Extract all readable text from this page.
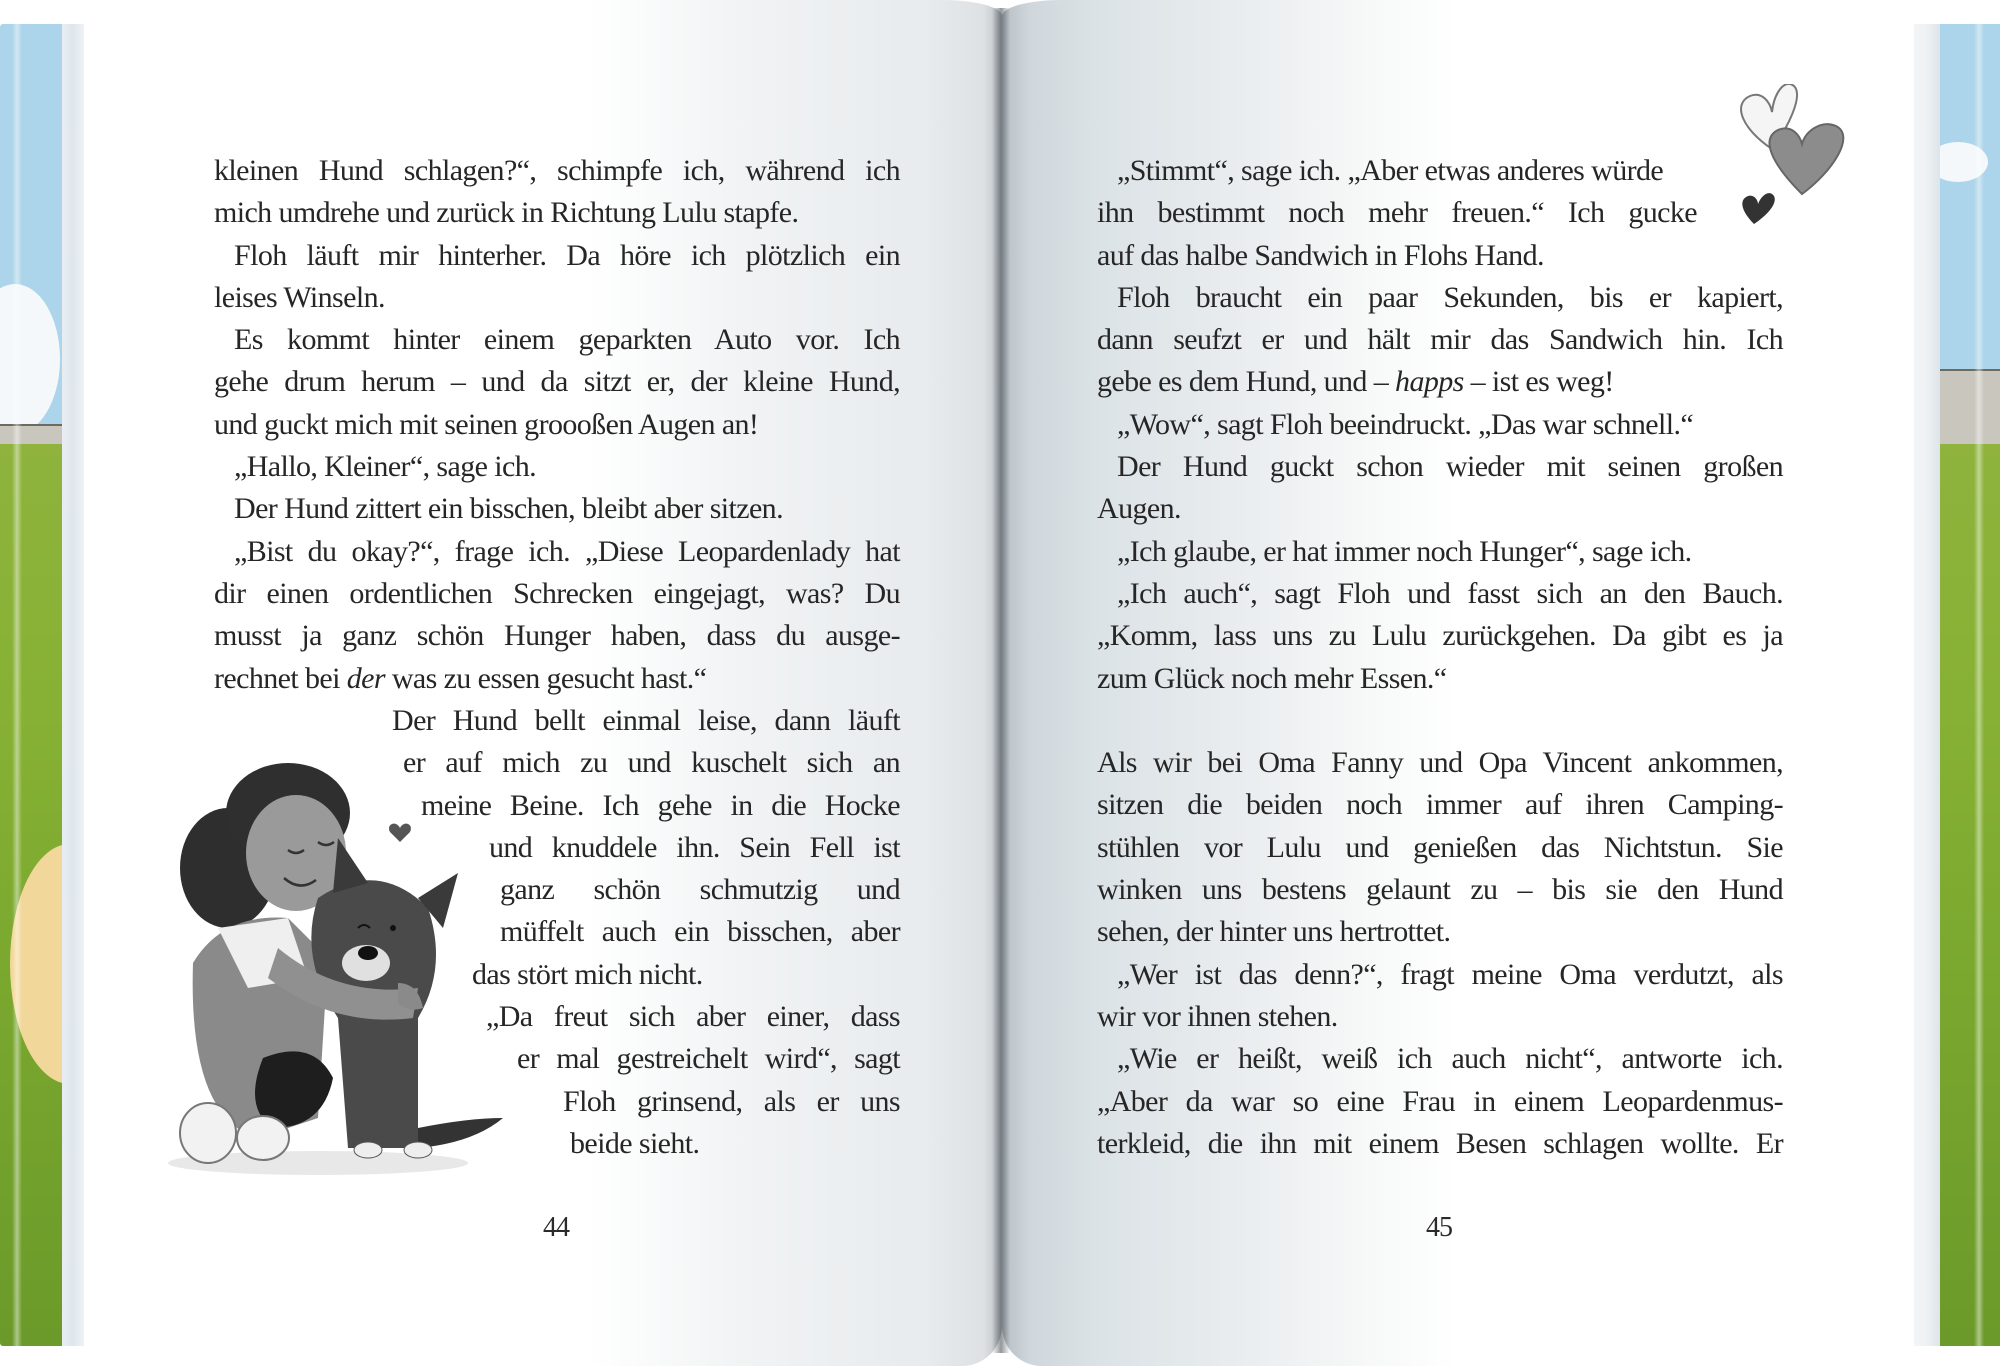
kleinen Hund schlagen?“, schimpfe ich, während ich
mich umdrehe und zurück in Richtung Lulu stapfe.
Floh läuft mir hinterher. Da höre ich plötzlich ein
leises Winseln.
Es kommt hinter einem geparkten Auto vor. Ich
gehe drum herum – und da sitzt er, der kleine Hund,
und guckt mich mit seinen groooßen Augen an!
„Hallo, Kleiner“, sage ich.
Der Hund zittert ein bisschen, bleibt aber sitzen.
„Bist du okay?“, frage ich. „Diese Leopardenlady hat
dir einen ordentlichen Schrecken eingejagt, was? Du
musst ja ganz schön Hunger haben, dass du ausge-
rechnet bei der was zu essen gesucht hast.“
Der Hund bellt einmal leise, dann läuft
er auf mich zu und kuschelt sich an
meine Beine. Ich gehe in die Hocke
und knuddele ihn. Sein Fell ist
ganz schön schmutzig und
müffelt auch ein bisschen, aber
das stört mich nicht.
„Da freut sich aber einer, dass
er mal gestreichelt wird“, sagt
Floh grinsend, als er uns
beide sieht.
44
„Stimmt“, sage ich. „Aber etwas anderes würde
ihn bestimmt noch mehr freuen.“ Ich gucke
auf das halbe Sandwich in Flohs Hand.
Floh braucht ein paar Sekunden, bis er kapiert,
dann seufzt er und hält mir das Sandwich hin. Ich
gebe es dem Hund, und – happs – ist es weg!
„Wow“, sagt Floh beeindruckt. „Das war schnell.“
Der Hund guckt schon wieder mit seinen großen
Augen.
„Ich glaube, er hat immer noch Hunger“, sage ich.
„Ich auch“, sagt Floh und fasst sich an den Bauch.
„Komm, lass uns zu Lulu zurückgehen. Da gibt es ja
zum Glück noch mehr Essen.“
Als wir bei Oma Fanny und Opa Vincent ankommen,
sitzen die beiden noch immer auf ihren Camping-
stühlen vor Lulu und genießen das Nichtstun. Sie
winken uns bestens gelaunt zu – bis sie den Hund
sehen, der hinter uns hertrottet.
„Wer ist das denn?“, fragt meine Oma verdutzt, als
wir vor ihnen stehen.
„Wie er heißt, weiß ich auch nicht“, antworte ich.
„Aber da war so eine Frau in einem Leopardenmus-
terkleid, die ihn mit einem Besen schlagen wollte. Er
45
